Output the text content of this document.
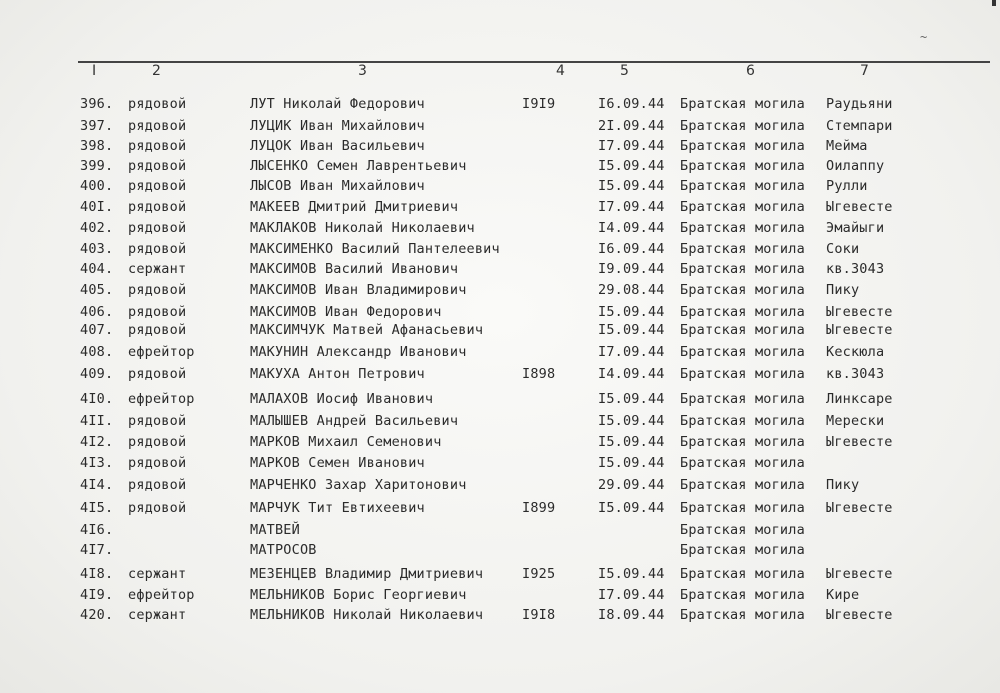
~
I	2	3	4	5	6	7
396. рядовой	ЛУТ Николай Федорович	I9I9	I6.09.44 Братская могила Раудьяни
397. рядовой	ЛУЦИК Иван Михайлович	2I.09.44 Братская могила Стемпари
398. рядовой	ЛУЦОК Иван Васильевич	I7.09.44 Братская могила Мейма
399. рядовой	ЛЫСЕНКО Семен Лаврентьевич	I5.09.44 Братская могила Оилаппу
400. рядовой	ЛЫСОВ Иван Михайлович	I5.09.44 Братская могила Рулли
40I. рядовой	МАКЕЕВ Дмитрий Дмитриевич	I7.09.44 Братская могила Ыгевесте
402. рядовой	МАКЛАКОВ Николай Николаевич	I4.09.44 Братская могила Эмайыги
403. рядовой	МАКСИМЕНКО Василий Пантелеевич	I6.09.44 Братская могила Соки
404. сержант	МАКСИМОВ Василий Иванович	I9.09.44 Братская могила кв.3043
405. рядовой	МАКСИМОВ Иван Владимирович	29.08.44 Братская могила Пику
406. рядовой	МАКСИМОВ Иван Федорович	I5.09.44 Братская могила Ыгевесте
407. рядовой	МАКСИМЧУК Матвей Афанасьевич	I5.09.44 Братская могила Ыгевесте
408. ефрейтор	МАКУНИН Александр Иванович	I7.09.44 Братская могила Кескюла
409. рядовой	МАКУХА Антон Петрович	I898	I4.09.44 Братская могила кв.3043
4I0. ефрейтор	МАЛАХОВ Иосиф Иванович	I5.09.44 Братская могила Линксаре
4II. рядовой	МАЛЫШЕВ Андрей Васильевич	I5.09.44 Братская могила Мерески
4I2. рядовой	МАРКОВ Михаил Семенович	I5.09.44 Братская могила Ыгевесте
4I3. рядовой	МАРКОВ Семен Иванович	I5.09.44 Братская могила
4I4. рядовой	МАРЧЕНКО Захар Харитонович	29.09.44 Братская могила Пику
4I5. рядовой	МАРЧУК Тит Евтихеевич	I899	I5.09.44 Братская могила Ыгевесте
4I6.	МАТВЕЙ	Братская могила
4I7.	МАТРОСОВ	Братская могила
4I8. сержант	МЕЗЕНЦЕВ Владимир Дмитриевич	I925	I5.09.44 Братская могила Ыгевесте
4I9. ефрейтор	МЕЛЬНИКОВ Борис Георгиевич	I7.09.44 Братская могила Кире
420. сержант	МЕЛЬНИКОВ Николай Николаевич	I9I8	I8.09.44 Братская могила Ыгевесте
